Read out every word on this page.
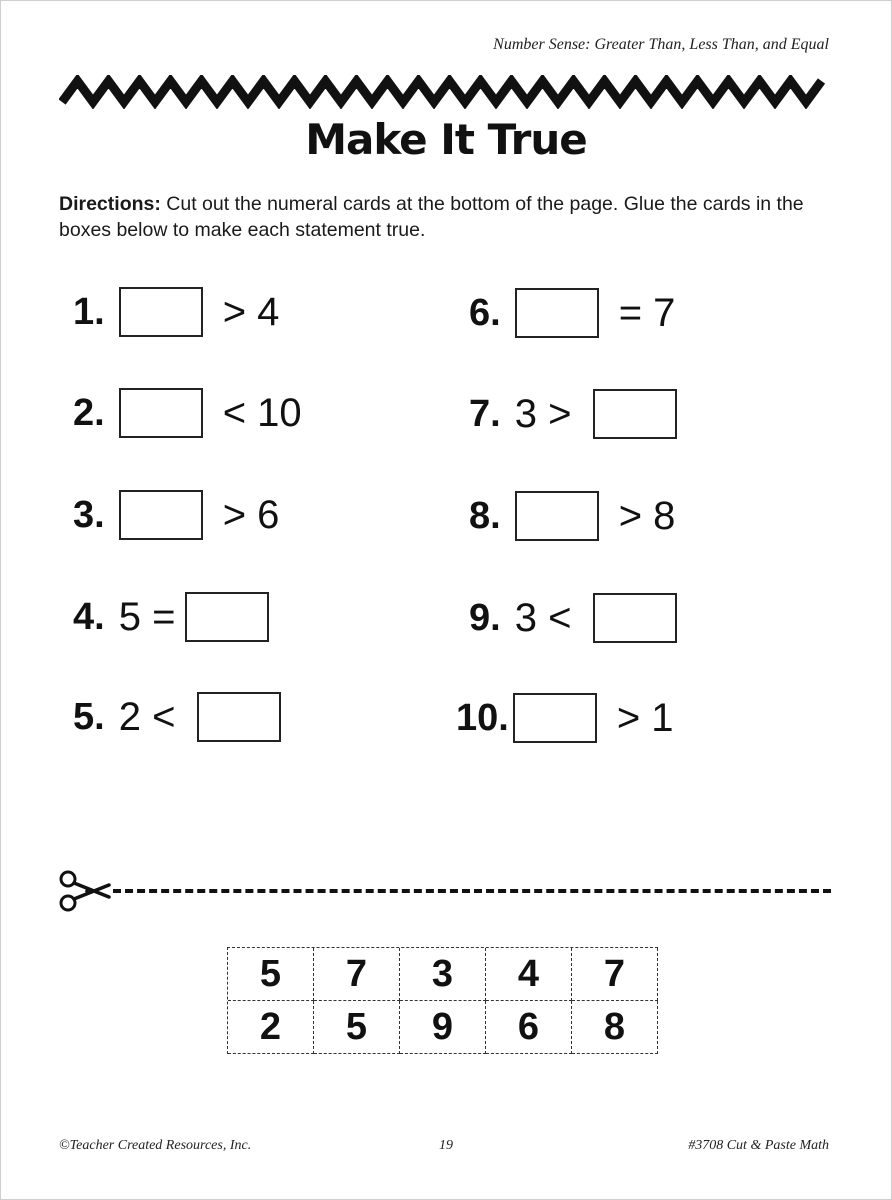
Number Sense: Greater Than, Less Than, and Equal
Make It True
Directions: Cut out the numeral cards at the bottom of the page. Glue the cards in the boxes below to make each statement true.
1.	> 4
2.	< 10
3.	> 6
4. 5 =
5. 2 <
6.	= 7
7. 3 >
8.	> 8
9. 3 <
10.	> 1
5	7	3	4	7
2	5	9	6	8
©Teacher Created Resources, Inc.	19	#3708 Cut & Paste Math
